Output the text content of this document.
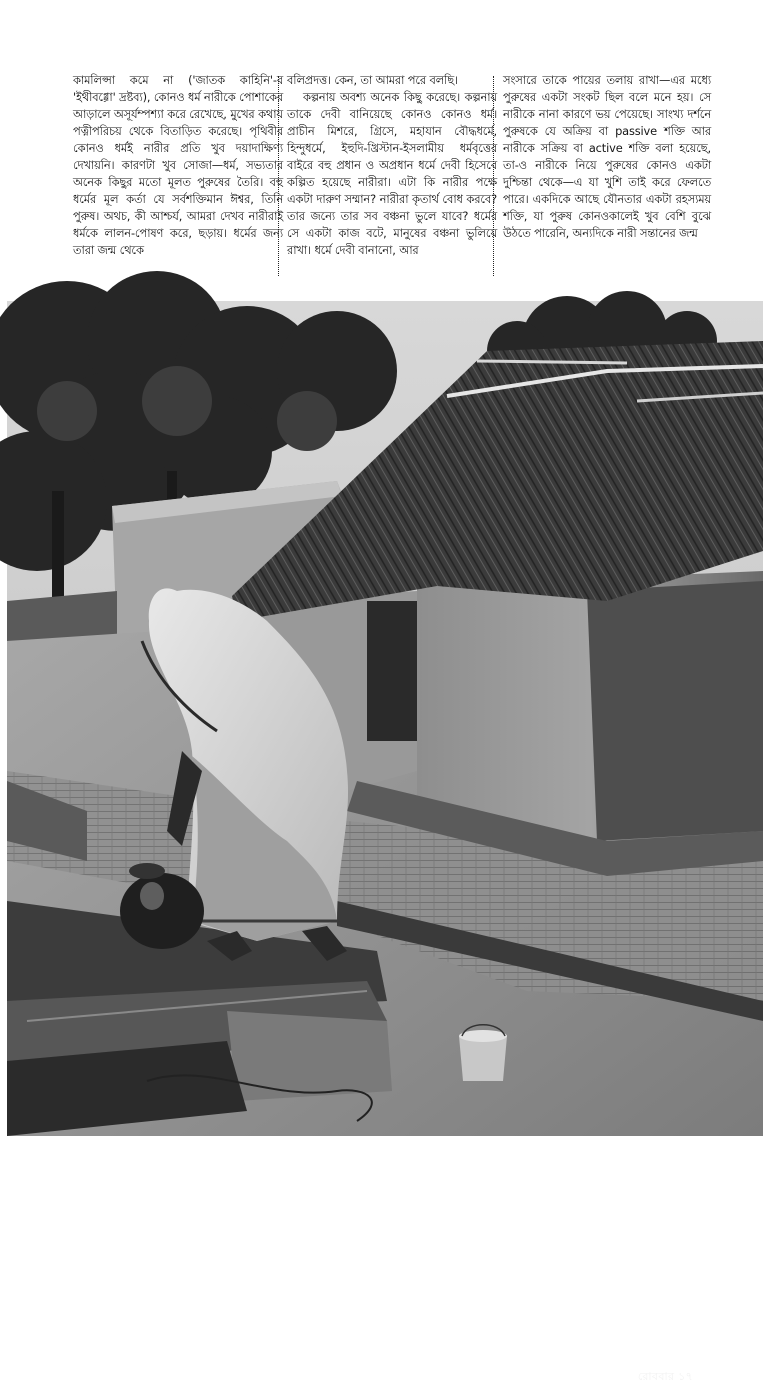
কামলিপ্সা কমে না ('জাতক কাহিনি'-র 'ইথীবগ্গো' দ্রষ্টব্য), কোনও ধর্ম নারীকে পোশাকের আড়ালে অসূর্যম্পশ্যা করে রেখেছে, মুখের কথায় পত্নীপরিচয় থেকে বিতাড়িত করেছে। পৃথিবীর কোনও ধর্মই নারীর প্রতি খুব দয়াদাক্ষিণ্য দেখায়নি। কারণটা খুব সোজা—ধর্ম, সভ্যতার অনেক কিছুর মতো মূলত পুরুষের তৈরি। বহু ধর্মের মূল কর্তা যে সর্বশক্তিমান ঈশ্বর, তিনি পুরুষ। অথচ, কী আশ্চর্য, আমরা দেখব নারীরাই ধর্মকে লালন-পোষণ করে, ছড়ায়। ধর্মের জন্য তারা জন্ম থেকে

বলিপ্রদত্ত। কেন, তা আমরা পরে বলছি।

কল্পনায় অবশ্য অনেক কিছু করেছে। কল্পনায় তাকে দেবী বানিয়েছে কোনও কোনও ধর্ম। প্রাচীন মিশরে, গ্রিসে, মহাযান বৌদ্ধধর্মে, হিন্দুধর্মে, ইহুদি-খ্রিস্টান-ইসলামীয় ধর্মবৃত্তের বাইরে বহু প্রধান ও অপ্রধান ধর্মে দেবী হিসেবে কল্পিত হয়েছে নারীরা। এটা কি নারীর পক্ষে একটা দারুণ সম্মান? নারীরা কৃতার্থ বোধ করবে? তার জন্যে তার সব বঞ্চনা ভুলে যাবে? ধর্মের সে একটা কাজ বটে, মানুষের বঞ্চনা ভুলিয়ে রাখা। ধর্মে দেবী বানানো, আর

সংসারে তাকে পায়ের তলায় রাখা—এর মধ্যে পুরুষের একটা সংকট ছিল বলে মনে হয়। সে নারীকে নানা কারণে ভয় পেয়েছে। সাংখ্য দর্শনে পুরুষকে যে অক্রিয় বা passive শক্তি আর নারীকে সক্রিয় বা active শক্তি বলা হয়েছে, তা-ও নারীকে নিয়ে পুরুষের কোনও একটা দুশ্চিন্তা থেকে—এ যা খুশি তাই করে ফেলতে পারে। একদিকে আছে যৌনতার একটা রহস্যময় শক্তি, যা পুরুষ কোনওকালেই খুব বেশি বুঝে উঠতে পারেনি, অন্যদিকে নারী সন্তানের জন্ম

রোববার ১৭
